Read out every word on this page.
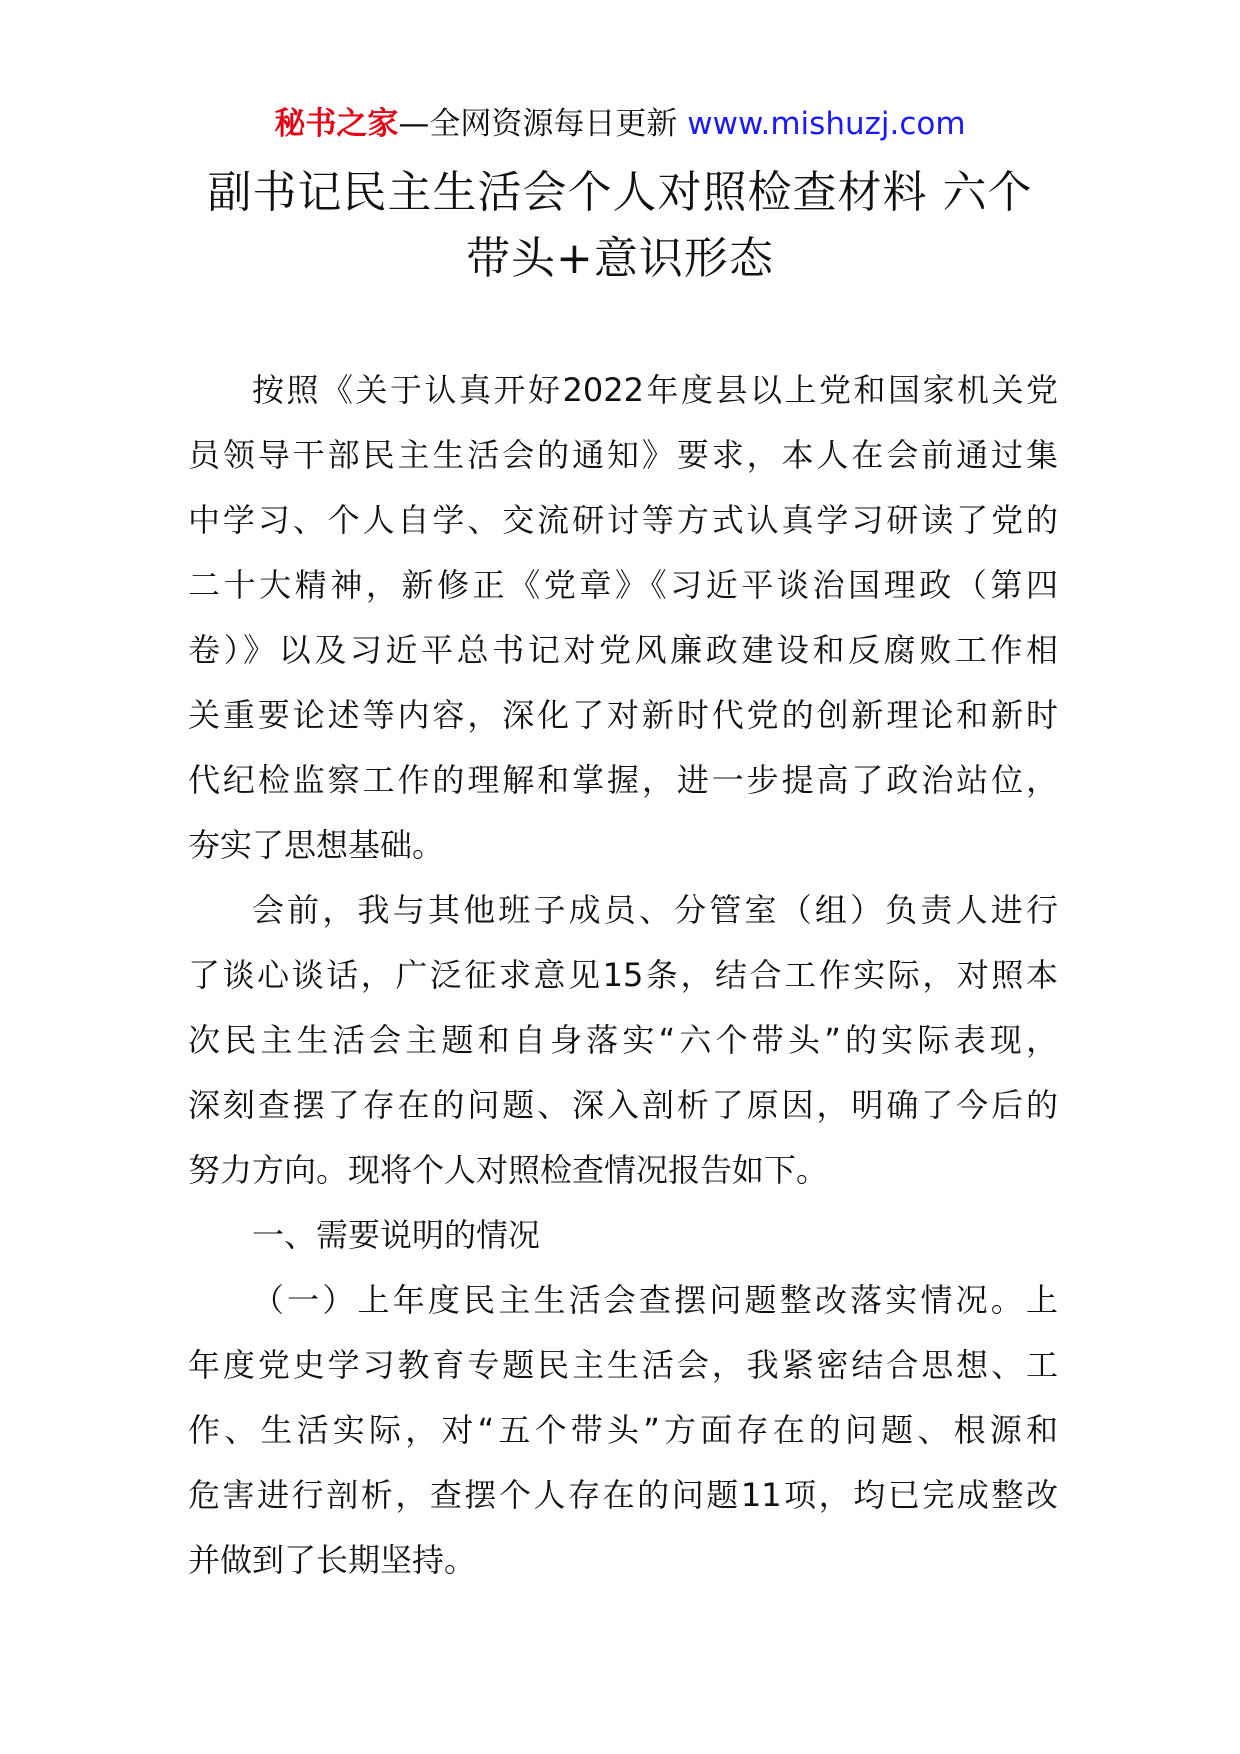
秘书之家—全网资源每日更新 www.mishuzj.com
副书记民主生活会个人对照检查材料 六个
带头+意识形态

按照《关于认真开好2022年度县以上党和国家机关党
员领导干部民主生活会的通知》要求，本人在会前通过集
中学习、个人自学、交流研讨等方式认真学习研读了党的
二十大精神，新修正《党章》《习近平谈治国理政（第四
卷）》以及习近平总书记对党风廉政建设和反腐败工作相
关重要论述等内容，深化了对新时代党的创新理论和新时
代纪检监察工作的理解和掌握，进一步提高了政治站位，
夯实了思想基础。

会前，我与其他班子成员、分管室（组）负责人进行
了谈心谈话，广泛征求意见15条，结合工作实际，对照本
次民主生活会主题和自身落实“六个带头”的实际表现，
深刻查摆了存在的问题、深入剖析了原因，明确了今后的
努力方向。现将个人对照检查情况报告如下。

一、需要说明的情况

（一）上年度民主生活会查摆问题整改落实情况。上
年度党史学习教育专题民主生活会，我紧密结合思想、工
作、生活实际，对“五个带头”方面存在的问题、根源和
危害进行剖析，查摆个人存在的问题11项，均已完成整改
并做到了长期坚持。
